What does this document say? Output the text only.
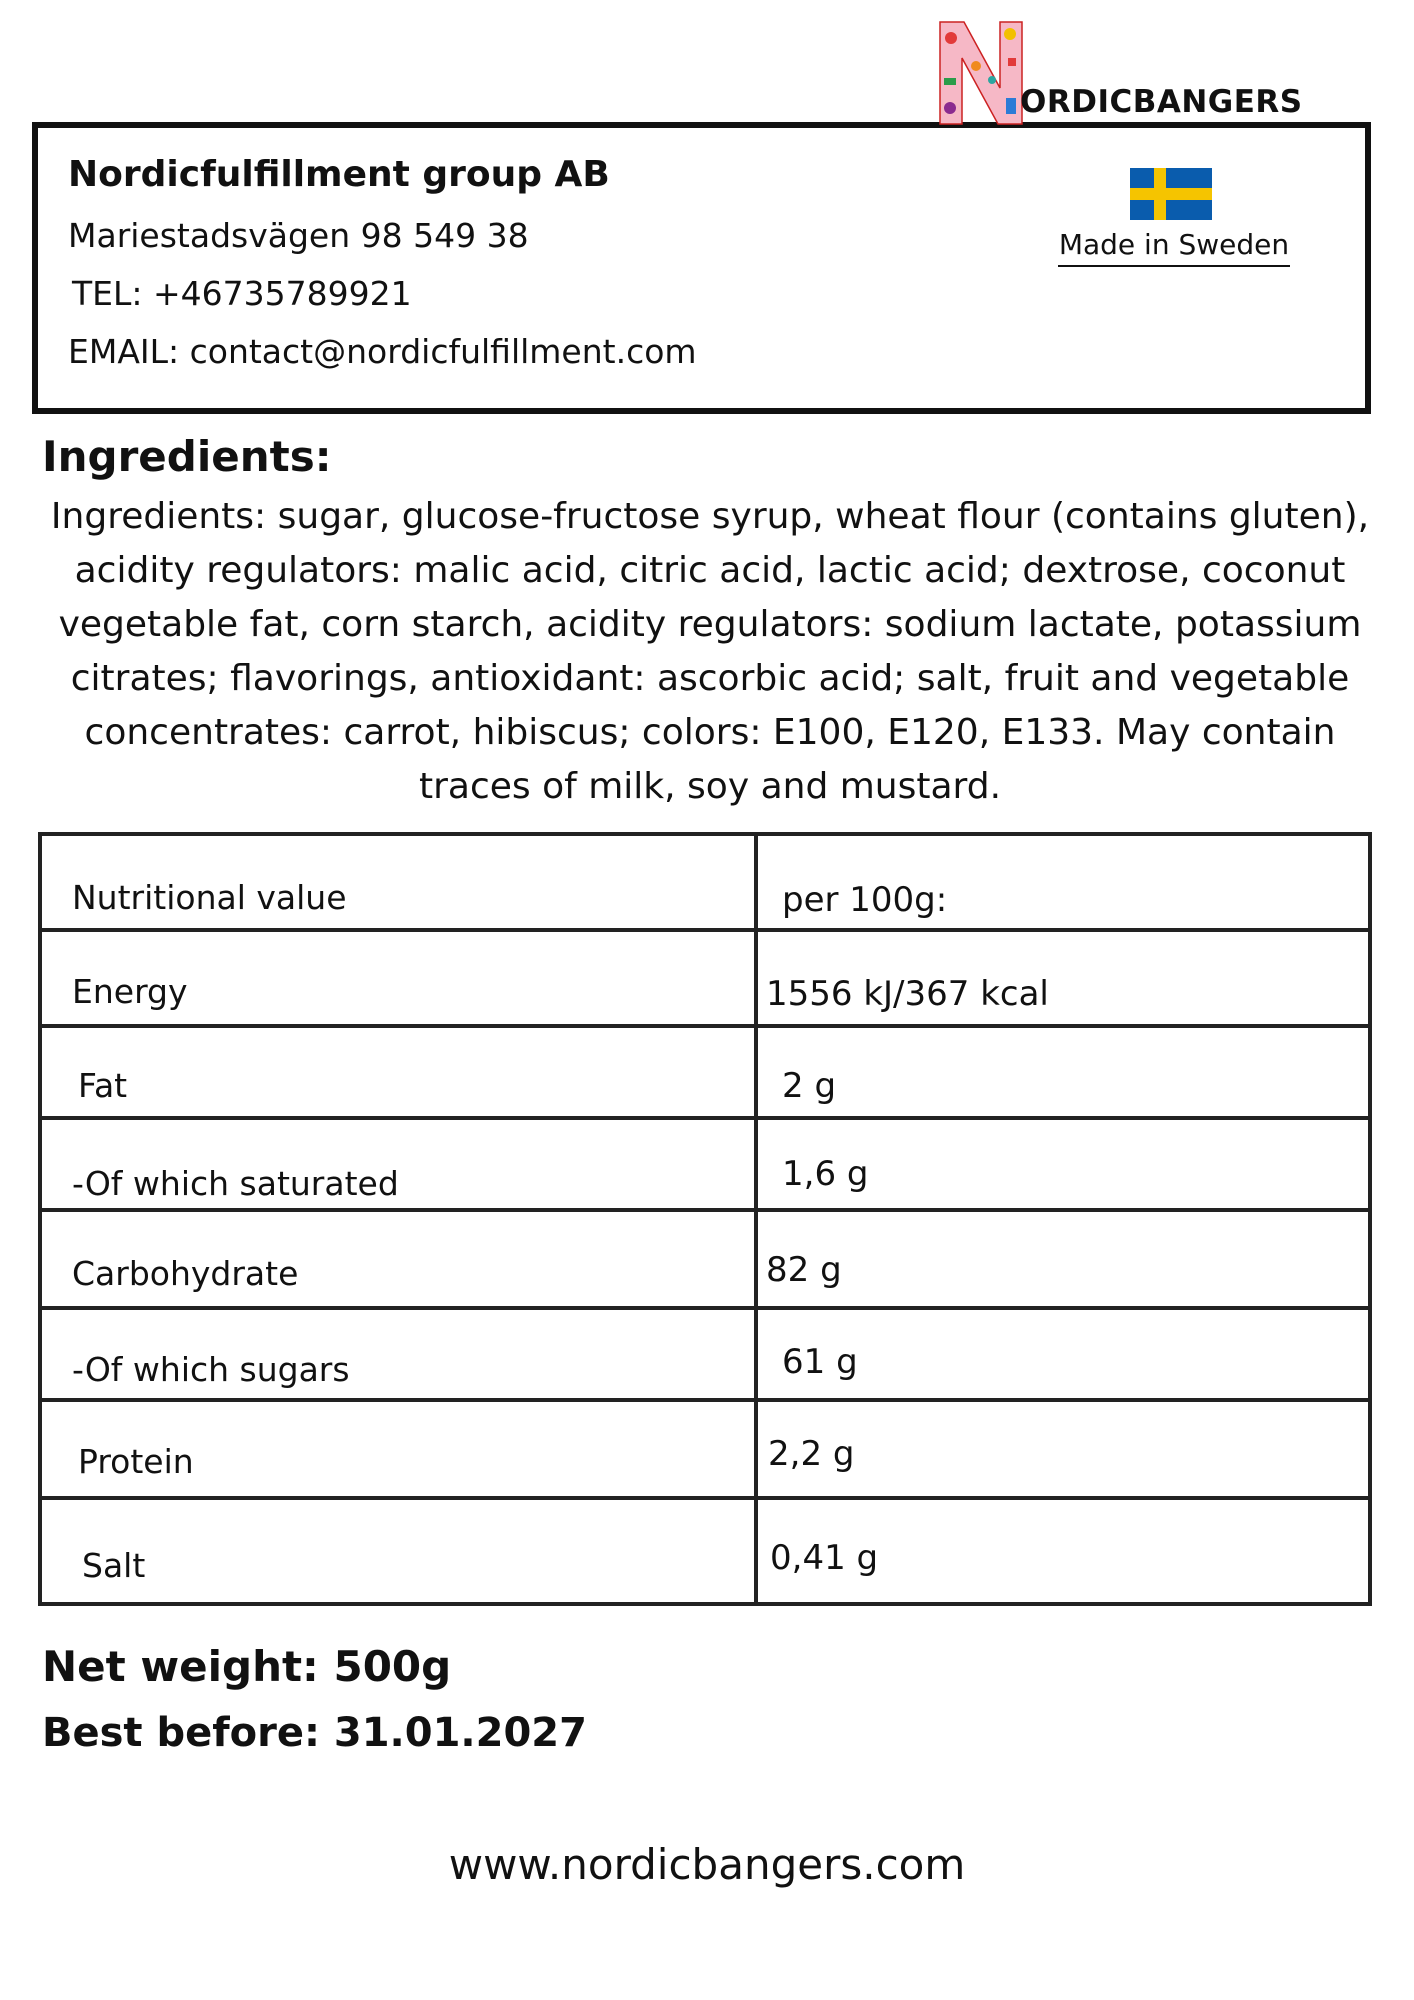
Nordicfulfillment group AB
Mariestadsvägen 98 549 38
TEL: +46735789921
EMAIL: contact@nordicfulfillment.com
ORDICBANGERS
Made in Sweden
Ingredients:
Ingredients: sugar, glucose-fructose syrup, wheat flour (contains gluten), acidity regulators: malic acid, citric acid, lactic acid; dextrose, coconut vegetable fat, corn starch, acidity regulators: sodium lactate, potassium citrates; flavorings, antioxidant: ascorbic acid; salt, fruit and vegetable concentrates: carrot, hibiscus; colors: E100, E120, E133. May contain traces of milk, soy and mustard.
Nutritional value	per 100g:
Energy	1556 kJ/367 kcal
Fat	2 g
-Of which saturated	1,6 g
Carbohydrate	82 g
-Of which sugars	61 g
Protein	2,2 g
Salt	0,41 g
Net weight: 500g
Best before: 31.01.2027
www.nordicbangers.com
